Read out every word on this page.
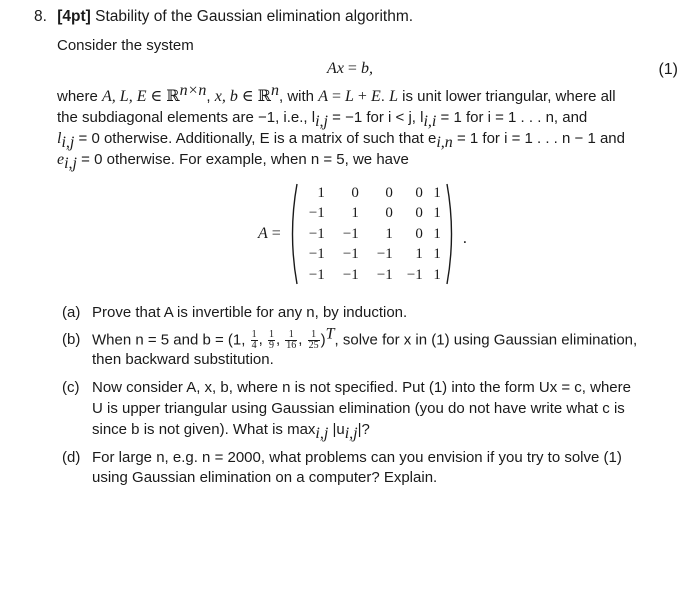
8. [4pt] Stability of the Gaussian elimination algorithm.
Consider the system
Ax = b,	(1)
where A, L, E ∈ ℝ$^{n\times n}$, x, b ∈ ℝ$^n$, with A = L + E. L is unit lower triangular, where all
the subdiagonal elements are −1, i.e., $l_{i,j} = -1$ for i < j, $l_{i,i} = 1$ for i = 1 . . . n, and
$l_{i,j} = 0$ otherwise. Additionally, E is a matrix of such that $e_{i,n} = 1$ for i = 1 . . . n − 1 and
$e_{i,j} = 0$ otherwise. For example, when n = 5, we have
A =
1	0	0	0 1
−1	1	0	0 1
−1	−1	1	0 1
−1	−1	−1	1 1
−1	−1	−1 −1 1
.
(a) Prove that A is invertible for any n, by induction.
(b) When n = 5 and b = (1, $\frac{1}{4}$ , $\frac{1}{9}$ , $\frac{1}{16}$ , $\frac{1}{25} )^T$, solve for x in (1) using Gaussian elimination,
then backward substitution.
(c) Now consider A, x, b, where n is not specified. Put (1) into the form Ux = c, where
U is upper triangular using Gaussian elimination (you do not have write what c is
since b is not given). What is $\max_{i,j} |u_{i,j}|$?
(d) For large n, e.g. n = 2000, what problems can you envision if you try to solve (1)
using Gaussian elimination on a computer? Explain.
